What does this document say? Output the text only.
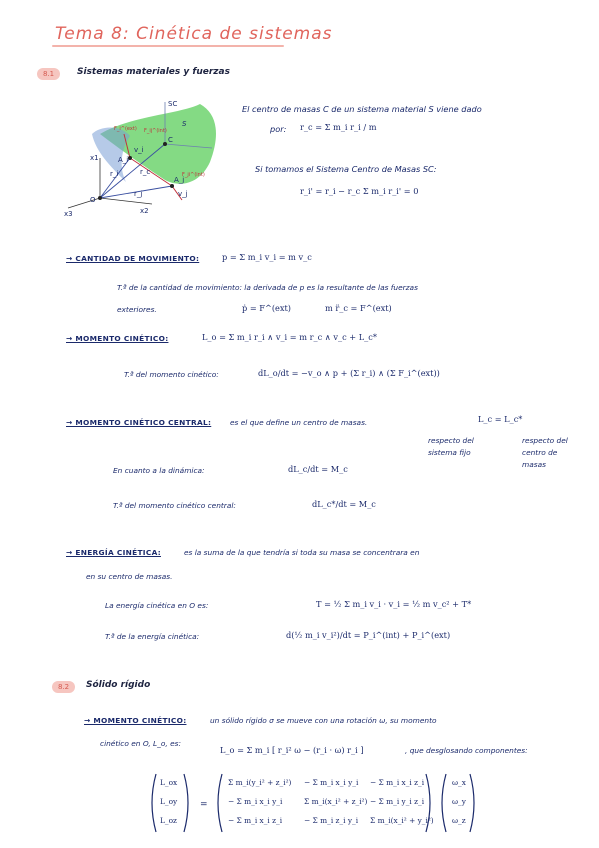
Tema 8: Cinética de sistemas
8.1	Sistemas materiales y fuerzas
SC
S
C
A_i
A_j
r_c
r_i
r_j
v_i
v_j
O
x1
x2
x3
F_i^(ext) F_ij^(int)
F_ji^(int)
El centro de masas C de un sistema material S viene dado
por: r_c = Σ m_i r_i / m
Si tomamos el Sistema Centro de Masas SC:
r_i' = r_i − r_c Σ m_i r_i' = 0
→ CANTIDAD DE MOVIMIENTO:	p = Σ m_i v_i = m v_c
T.ª de la cantidad de movimiento: la derivada de p es la resultante de las fuerzas
exteriores.	ṗ = F^(ext)	m r̈_c = F^(ext)
→ MOMENTO CINÉTICO:	L_o = Σ m_i r_i ∧ v_i = m r_c ∧ v_c + L_c*
T.ª del momento cinético:	dL_o/dt = −v_o ∧ p + (Σ r_i) ∧ (Σ F_i^(ext))
→ MOMENTO CINÉTICO CENTRAL:	es el que define un centro de masas.	L_c = L_c*
respecto del
sistema fijo
respecto del
centro de
masas
En cuanto a la dinámica:	dL_c/dt = M_c
T.ª del momento cinético central:	dL_c*/dt = M_c
→ ENERGÍA CINÉTICA:	es la suma de la que tendría si toda su masa se concentrara en
en su centro de masas.
La energía cinética en O es:	T = ½ Σ m_i v_i · v_i = ½ m v_c² + T*
T.ª de la energía cinética:	d(½ m_i v_i²)/dt = P_i^(int) + P_i^(ext)
8.2	Sólido rígido
→ MOMENTO CINÉTICO:	un sólido rígido σ se mueve con una rotación ω, su momento
cinético en O, L_o, es:
L_o = Σ m_i [ r_i² ω − (r_i · ω) r_i ]	, que desglosando componentes:
=
L_ox
L_oy
L_oz
Σ m_i(y_i² + z_i²) − Σ m_i x_i y_i − Σ m_i x_i z_i
− Σ m_i x_i y_i	Σ m_i(x_i² + z_i²) − Σ m_i y_i z_i
− Σ m_i x_i z_i	− Σ m_i z_i y_i Σ m_i(x_i² + y_i²)
ω_x
ω_y
ω_z
